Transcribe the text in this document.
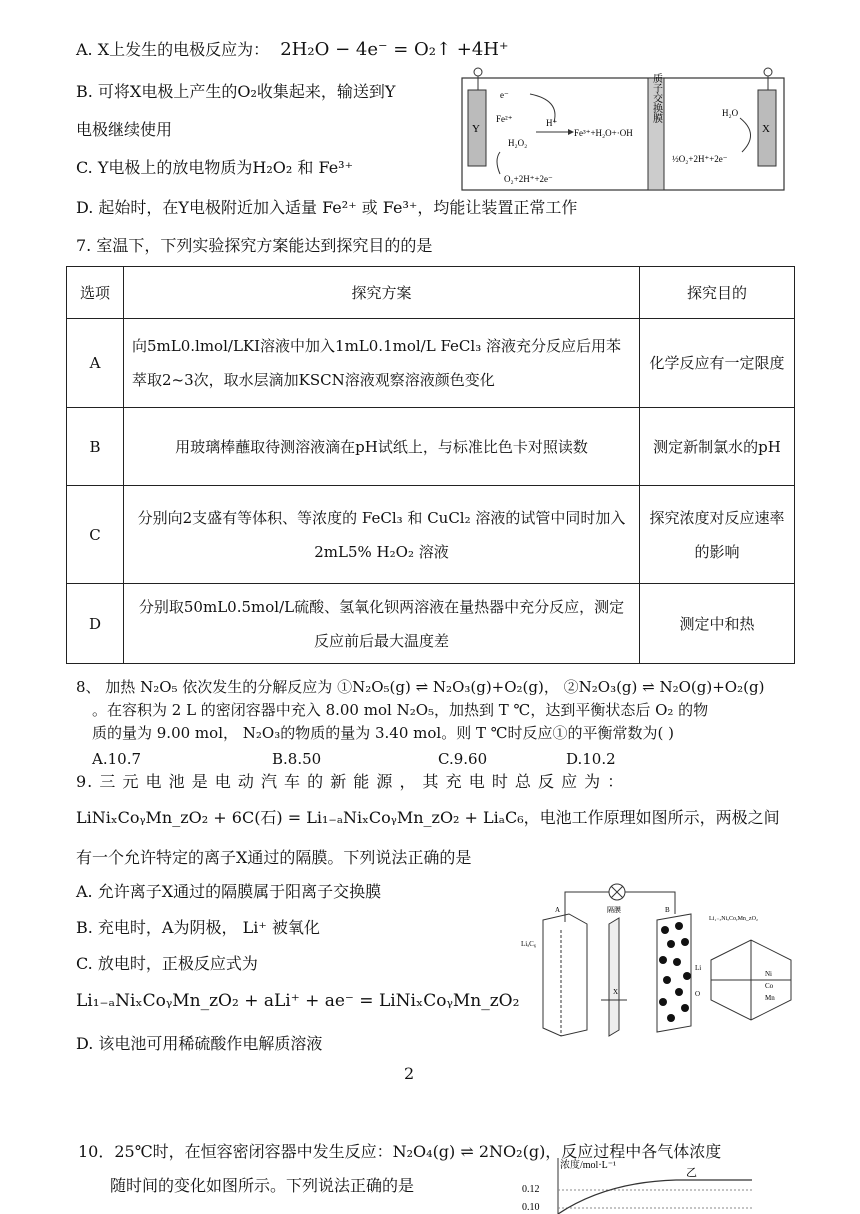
A. X上发生的电极反应为： 2H₂O − 4e⁻ = O₂↑ +4H⁺
B. 可将X电极上产生的O₂收集起来，输送到Y
电极继续使用
C. Y电极上的放电物质为H₂O₂ 和 Fe³⁺
D. 起始时，在Y电极附近加入适量 Fe²⁺ 或 Fe³⁺，均能让装置正常工作
Y	X
质子交换膜
e⁻
Fe²⁺
H₂O₂
H⁺
Fe³⁺+H₂O+·OH
O₂+2H⁺+2e⁻
H₂O
½O₂+2H⁺+2e⁻
7. 室温下，下列实验探究方案能达到探究目的的是
选项	探究方案	探究目的
A	向5mL0.lmol/LKI溶液中加入1mL0.1mol/L FeCl₃ 溶液充分反应后用苯萃取2~3次，取水层滴加KSCN溶液观察溶液颜色变化	化学反应有一定限度
B	用玻璃棒蘸取待测溶液滴在pH试纸上，与标准比色卡对照读数	测定新制氯水的pH
C	分别向2支盛有等体积、等浓度的 FeCl₃ 和 CuCl₂ 溶液的试管中同时加入2mL5% H₂O₂ 溶液	探究浓度对反应速率的影响
D	分别取50mL0.5mol/L硫酸、氢氧化钡两溶液在量热器中充分反应，测定反应前后最大温度差	测定中和热
8、 加热 N₂O₅ 依次发生的分解反应为 ①N₂O₅(g) ⇌ N₂O₃(g)+O₂(g)， ②N₂O₃(g) ⇌ N₂O(g)+O₂(g)
。在容积为 2 L 的密闭容器中充入 8.00 mol N₂O₅，加热到 T ℃，达到平衡状态后 O₂ 的物
质的量为 9.00 mol， N₂O₃的物质的量为 3.40 mol。则 T ℃时反应①的平衡常数为( )
A.10.7	B.8.50	C.9.60	D.10.2
9. 三 元 电 池 是 电 动 汽 车 的 新 能 源 ， 其 充 电 时 总 反 应 为 ：
LiNiₓCoᵧMn_zO₂ + 6C(石) = Li₁₋ₐNiₓCoᵧMn_zO₂ + LiₐC₆，电池工作原理如图所示，两极之间
有一个允许特定的离子X通过的隔膜。下列说法正确的是
A. 允许离子X通过的隔膜属于阳离子交换膜
B. 充电时，A为阴极， Li⁺ 被氧化
C. 放电时，正极反应式为
Li₁₋ₐNiₓCoᵧMn_zO₂ + aLi⁺ + ae⁻ = LiNiₓCoᵧMn_zO₂
D. 该电池可用稀硫酸作电解质溶液
A
LiₐC₆
隔膜
X
B
Li
O
Li₁₋ₐNiₓCoᵧMn_zO₂
Ni
Co
Mn
2
10．25℃时，在恒容密闭容器中发生反应：N₂O₄(g) ⇌ 2NO₂(g)，反应过程中各气体浓度
随时间的变化如图所示。下列说法正确的是
浓度/mol·L⁻¹
0.12
0.10
乙
